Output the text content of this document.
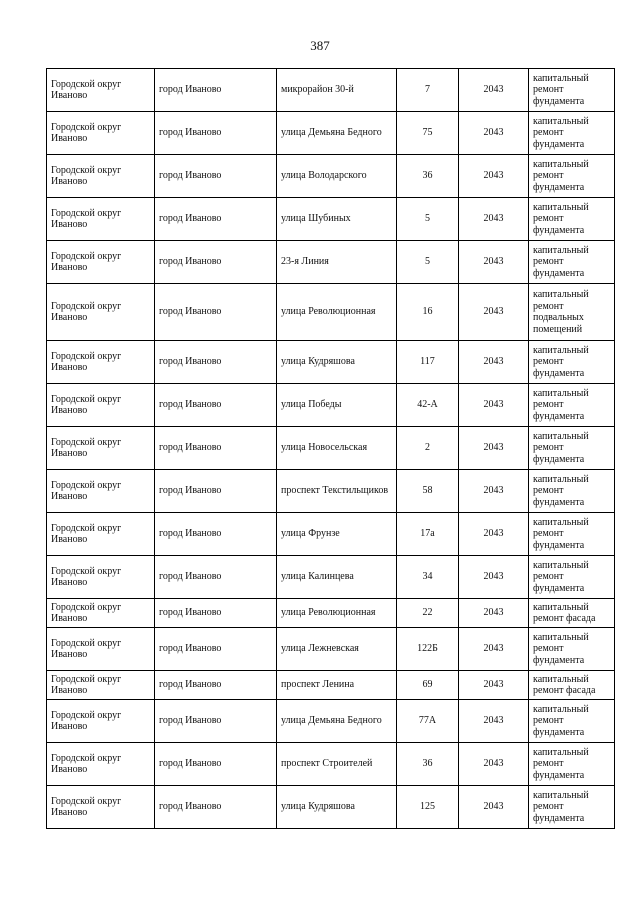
387
Городской округ Иваново	город Иваново	микрорайон 30-й	7	2043	капитальный ремонт фундамента
Городской округ Иваново	город Иваново	улица Демьяна Бедного	75	2043	капитальный ремонт фундамента
Городской округ Иваново	город Иваново	улица Володарского	36	2043	капитальный ремонт фундамента
Городской округ Иваново	город Иваново	улица Шубиных	5	2043	капитальный ремонт фундамента
Городской округ Иваново	город Иваново	23-я Линия	5	2043	капитальный ремонт фундамента
Городской округ Иваново	город Иваново	улица Революционная	16	2043	капитальный ремонт подвальных помещений
Городской округ Иваново	город Иваново	улица Кудряшова	117	2043	капитальный ремонт фундамента
Городской округ Иваново	город Иваново	улица Победы	42-А	2043	капитальный ремонт фундамента
Городской округ Иваново	город Иваново	улица Новосельская	2	2043	капитальный ремонт фундамента
Городской округ Иваново	город Иваново	проспект Текстильщиков	58	2043	капитальный ремонт фундамента
Городской округ Иваново	город Иваново	улица Фрунзе	17а	2043	капитальный ремонт фундамента
Городской округ Иваново	город Иваново	улица Калинцева	34	2043	капитальный ремонт фундамента
Городской округ Иваново	город Иваново	улица Революционная	22	2043	капитальный ремонт фасада
Городской округ Иваново	город Иваново	улица Лежневская	122Б	2043	капитальный ремонт фундамента
Городской округ Иваново	город Иваново	проспект Ленина	69	2043	капитальный ремонт фасада
Городской округ Иваново	город Иваново	улица Демьяна Бедного	77А	2043	капитальный ремонт фундамента
Городской округ Иваново	город Иваново	проспект Строителей	36	2043	капитальный ремонт фундамента
Городской округ Иваново	город Иваново	улица Кудряшова	125	2043	капитальный ремонт фундамента
